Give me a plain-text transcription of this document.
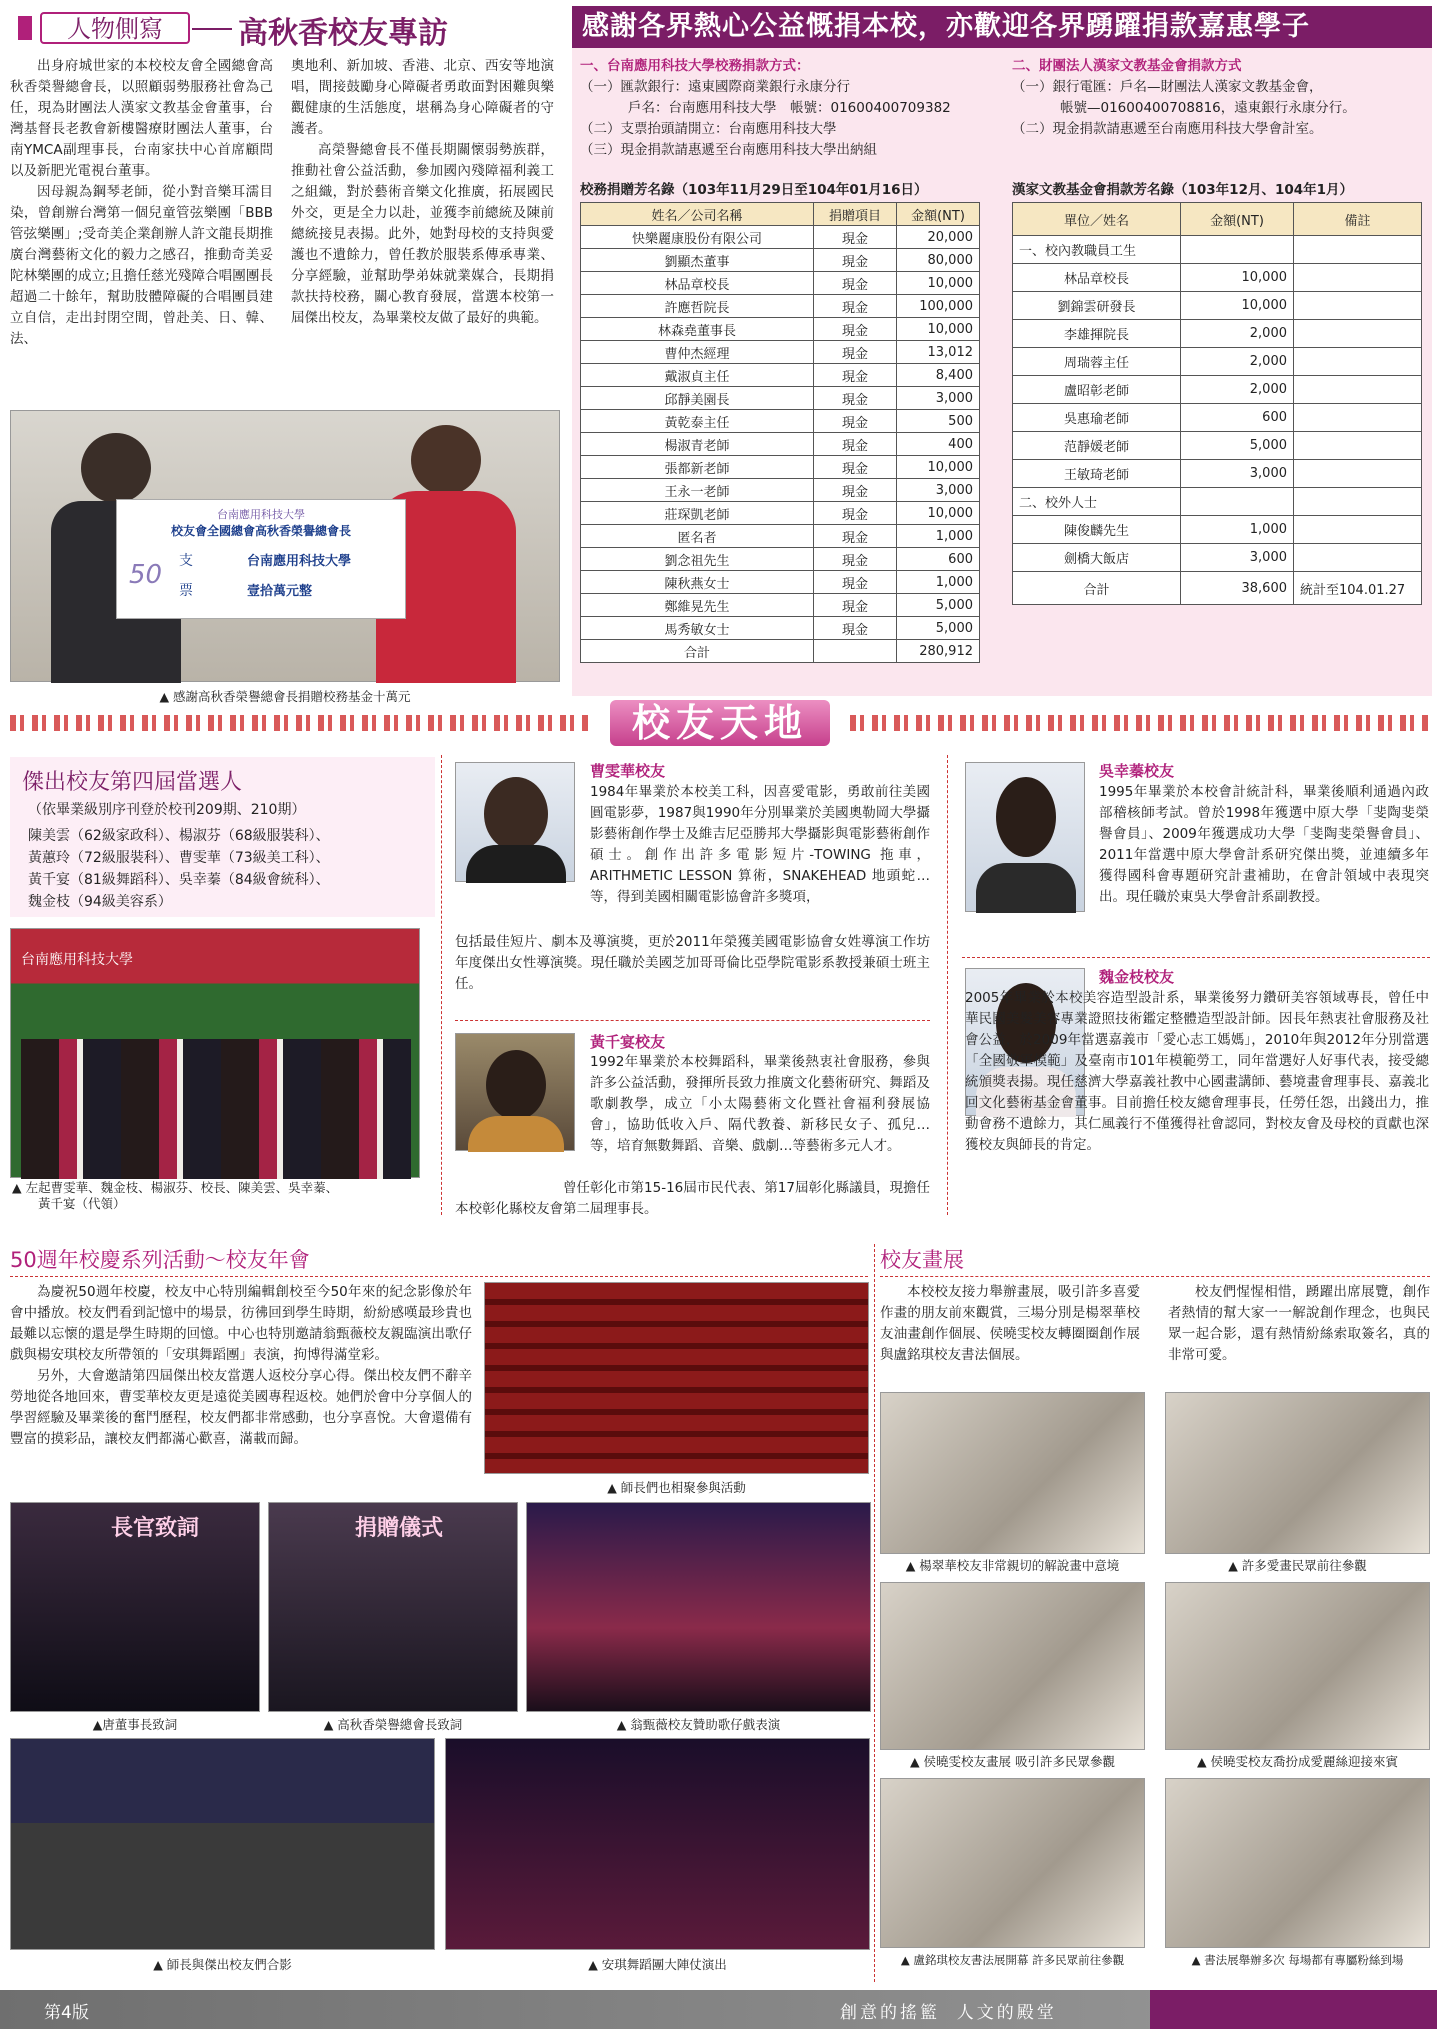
人物側寫	高秋香校友專訪

出身府城世家的本校校友會全國總會高秋香榮譽總會長，以照顧弱勢服務社會為己任，現為財團法人漢家文教基金會董事，台灣基督長老教會新樓醫療財團法人董事，台南YMCA副理事長，台南家扶中心首席顧問以及新肥光電視台董事。

因母親為鋼琴老師，從小對音樂耳濡目染，曾創辦台灣第一個兒童管弦樂團「BBB管弦樂團」;受奇美企業創辦人許文龍長期推廣台灣藝術文化的毅力之感召，推動奇美妥陀林樂團的成立;且擔任慈光殘障合唱團團長超過二十餘年，幫助肢體障礙的合唱團員建立自信，走出封閉空間，曾赴美、日、韓、法、

奧地利、新加坡、香港、北京、西安等地演唱，間接鼓勵身心障礙者勇敢面對困難與樂觀健康的生活態度，堪稱為身心障礙者的守護者。

高榮譽總會長不僅長期關懷弱勢族群，推動社會公益活動，參加國內殘障福利義工之組織，對於藝術音樂文化推廣，拓展國民外交，更是全力以赴，並獲李前總統及陳前總統接見表揚。此外，她對母校的支持與愛護也不遺餘力，曾任教於服裝系傳承專業、分享經驗，並幫助學弟妹就業媒合，長期捐款扶持校務，關心教育發展，當選本校第一屆傑出校友，為畢業校友做了最好的典範。

台南應用科技大學
校友會全國總會高秋香榮譽總會長
支	台南應用科技大學
票	壹拾萬元整
50
▲ 感謝高秋香榮譽總會長捐贈校務基金十萬元
感謝各界熱心公益慨捐本校，亦歡迎各界踴躍捐款嘉惠學子

一、台南應用科技大學校務捐款方式：

（一）匯款銀行：遠東國際商業銀行永康分行

戶名：台南應用科技大學　帳號：01600400709382

（二）支票抬頭請開立：台南應用科技大學

（三）現金捐款請惠遞至台南應用科技大學出納組

二、財團法人漢家文教基金會捐款方式

（一）銀行電匯：戶名—財團法人漢家文教基金會，

帳號—01600400708816，遠東銀行永康分行。

（二）現金捐款請惠遞至台南應用科技大學會計室。

校務捐贈芳名錄（103年11月29日至104年01月16日）
姓名／公司名稱	捐贈項目	金額(NT)
快樂麗康股份有限公司	現金	20,000
劉顯杰董事	現金	80,000
林品章校長	現金	10,000
許應哲院長	現金	100,000
林森堯董事長	現金	10,000
曹仲杰經理	現金	13,012
戴淑貞主任	現金	8,400
邱靜美園長	現金	3,000
黃乾泰主任	現金	500
楊淑青老師	現金	400
張都新老師	現金	10,000
王永一老師	現金	3,000
莊琛凱老師	現金	10,000
匿名者	現金	1,000
劉念祖先生	現金	600
陳秋燕女士	現金	1,000
鄭維晃先生	現金	5,000
馬秀敏女士	現金	5,000
合計		280,912
漢家文教基金會捐款芳名錄（103年12月、104年1月）
單位／姓名	金額(NT)	備註
一、校內教職員工生		
林品章校長	10,000	
劉錦雲研發長	10,000	
李雄揮院長	2,000	
周瑞蓉主任	2,000	
盧昭彰老師	2,000	
吳惠瑜老師	600	
范靜媛老師	5,000	
王敏琦老師	3,000	
二、校外人士		
陳俊麟先生	1,000	
劍橋大飯店	3,000	
合計	38,600	統計至104.01.27
校友天地
傑出校友第四屆當選人
（依畢業級別序刊登於校刊209期、210期）

陳美雲（62級家政科）、楊淑芬（68級服裝科）、

黃蕙玲（72級服裝科）、曹雯華（73級美工科）、

黃千宴（81級舞蹈科）、吳幸蓁（84級會統科）、

魏金枝（94級美容系）

台南應用科技大學

▲ 左起曹雯華、魏金枝、楊淑芬、校長、陳美雲、吳幸蓁、

黃千宴（代領）

曹雯華校友
1984年畢業於本校美工科，因喜愛電影，勇敢前往美國圓電影夢，1987與1990年分別畢業於美國奧勒岡大學攝影藝術創作學士及維吉尼亞勝邦大學攝影與電影藝術創作碩士。創作出許多電影短片-TOWING 拖車，ARITHMETIC LESSON 算術，SNAKEHEAD 地頭蛇…等，得到美國相關電影協會許多獎項，
包括最佳短片、劇本及導演獎，更於2011年榮獲美國電影協會女姓導演工作坊年度傑出女性導演獎。現任職於美國芝加哥哥倫比亞學院電影系教授兼碩士班主任。
黃千宴校友
1992年畢業於本校舞蹈科，畢業後熱衷社會服務，參與許多公益活動，發揮所長致力推廣文化藝術研究、舞蹈及歌劇教學，成立「小太陽藝術文化暨社會福利發展協會」，協助低收入戶、隔代教養、新移民女子、孤兒…等，培育無數舞蹈、音樂、戲劇…等藝術多元人才。
曾任彰化市第15-16屆市民代表、第17屆彰化縣議員，現擔任本校彰化縣校友會第二屆理事長。
吳幸蓁校友
1995年畢業於本校會計統計科，畢業後順利通過內政部稽核師考試。曾於1998年獲選中原大學「斐陶斐榮譽會員」、2009年獲選成功大學「斐陶斐榮譽會員」、2011年當選中原大學會計系研究傑出獎，並連續多年獲得國科會專題研究計畫補助，在會計領域中表現突出。現任職於東吳大學會計系副教授。
魏金枝校友
2005年畢業於本校美容造型設計系，畢業後努力鑽研美容領域專長，曾任中華民國美髮美容專業證照技術鑑定整體造型設計師。因長年熱衷社會服務及社會公益，於2009年當選嘉義市「愛心志工媽媽」，2010年與2012年分別當選「全國敬軍模範」及臺南市101年模範勞工，同年當選好人好事代表，接受總統頒獎表揚。現任慈濟大學嘉義社教中心國畫講師、藝境畫會理事長、嘉義北回文化藝術基金會董事。目前擔任校友總會理事長，任勞任怨，出錢出力，推動會務不遺餘力，其仁風義行不僅獲得社會認同，對校友會及母校的貢獻也深獲校友與師長的肯定。
50週年校慶系列活動～校友年會

為慶祝50週年校慶，校友中心特別編輯創校至今50年來的紀念影像於年會中播放。校友們看到記憶中的場景，彷彿回到學生時期，紛紛感嘆最珍貴也最難以忘懷的還是學生時期的回憶。中心也特別邀請翁甄薇校友親臨演出歌仔戲與楊安琪校友所帶領的「安琪舞蹈團」表演，拘博得滿堂彩。

另外，大會邀請第四屆傑出校友當選人返校分享心得。傑出校友們不辭辛勞地從各地回來，曹雯華校友更是遠從美國專程返校。她們於會中分享個人的學習經驗及畢業後的奮鬥歷程，校友們都非常感動，也分享喜悅。大會還備有豐富的摸彩品，讓校友們都滿心歡喜，滿載而歸。

▲ 師長們也相聚參與活動
長官致詞
▲唐董事長致詞
捐贈儀式
▲ 高秋香榮譽總會長致詞	▲ 翁甄薇校友贊助歌仔戲表演
▲ 師長與傑出校友們合影	▲ 安琪舞蹈團大陣仗演出
校友畫展
本校校友接力舉辦畫展，吸引許多喜愛作畫的朋友前來觀賞，三場分別是楊翠華校友油畫創作個展、侯曉雯校友轉圈圈創作展與盧銘琪校友書法個展。
校友們惺惺相惜，踴躍出席展覽，創作者熱情的幫大家一一解說創作理念，也與民眾一起合影，還有熱情紛絲索取簽名，真的非常可愛。
▲ 楊翠華校友非常親切的解說畫中意境	▲ 許多愛畫民眾前往參觀
▲ 侯曉雯校友畫展 吸引許多民眾參觀	▲ 侯曉雯校友喬扮成愛麗絲迎接來賓
▲ 盧銘琪校友書法展開幕 許多民眾前往參觀	▲ 書法展舉辦多次 每場都有專屬粉絲到場
第4版	創意的搖籃  人文的殿堂
